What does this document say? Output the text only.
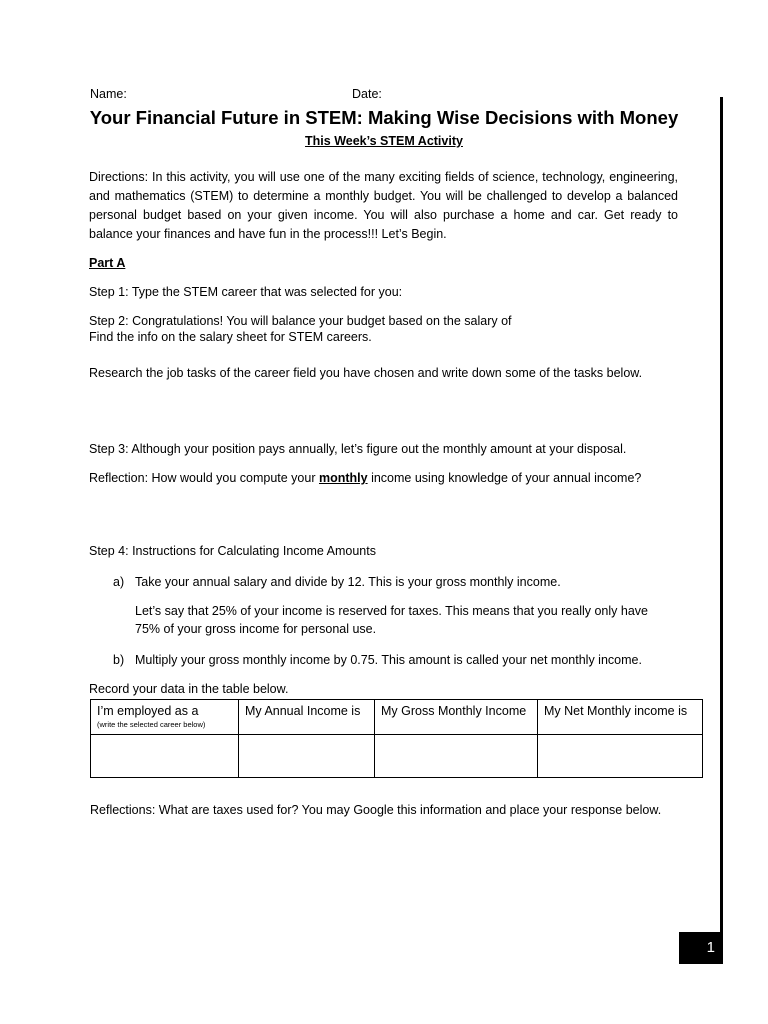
Name:	Date:
Your Financial Future in STEM: Making Wise Decisions with Money
This Week’s STEM Activity
Directions: In this activity, you will use one of the many exciting fields of science, technology, engineering, and mathematics (STEM) to determine a monthly budget. You will be challenged to develop a balanced personal budget based on your given income. You will also purchase a home and car. Get ready to balance your finances and have fun in the process!!! Let’s Begin.
Part A
Step 1: Type the STEM career that was selected for you:
Step 2: Congratulations! You will balance your budget based on the salary of
Find the info on the salary sheet for STEM careers.
Research the job tasks of the career field you have chosen and write down some of the tasks below.
Step 3: Although your position pays annually, let’s figure out the monthly amount at your disposal.
Reflection: How would you compute your monthly income using knowledge of your annual income?
Step 4: Instructions for Calculating Income Amounts
a) Take your annual salary and divide by 12. This is your gross monthly income.
Let’s say that 25% of your income is reserved for taxes. This means that you really only have
75% of your gross income for personal use.
b) Multiply your gross monthly income by 0.75. This amount is called your net monthly income.
Record your data in the table below.
I’m employed as a
(write the selected career below)	My Annual Income is	My Gross Monthly Income	My Net Monthly income is

Reflections: What are taxes used for? You may Google this information and place your response below.
1
